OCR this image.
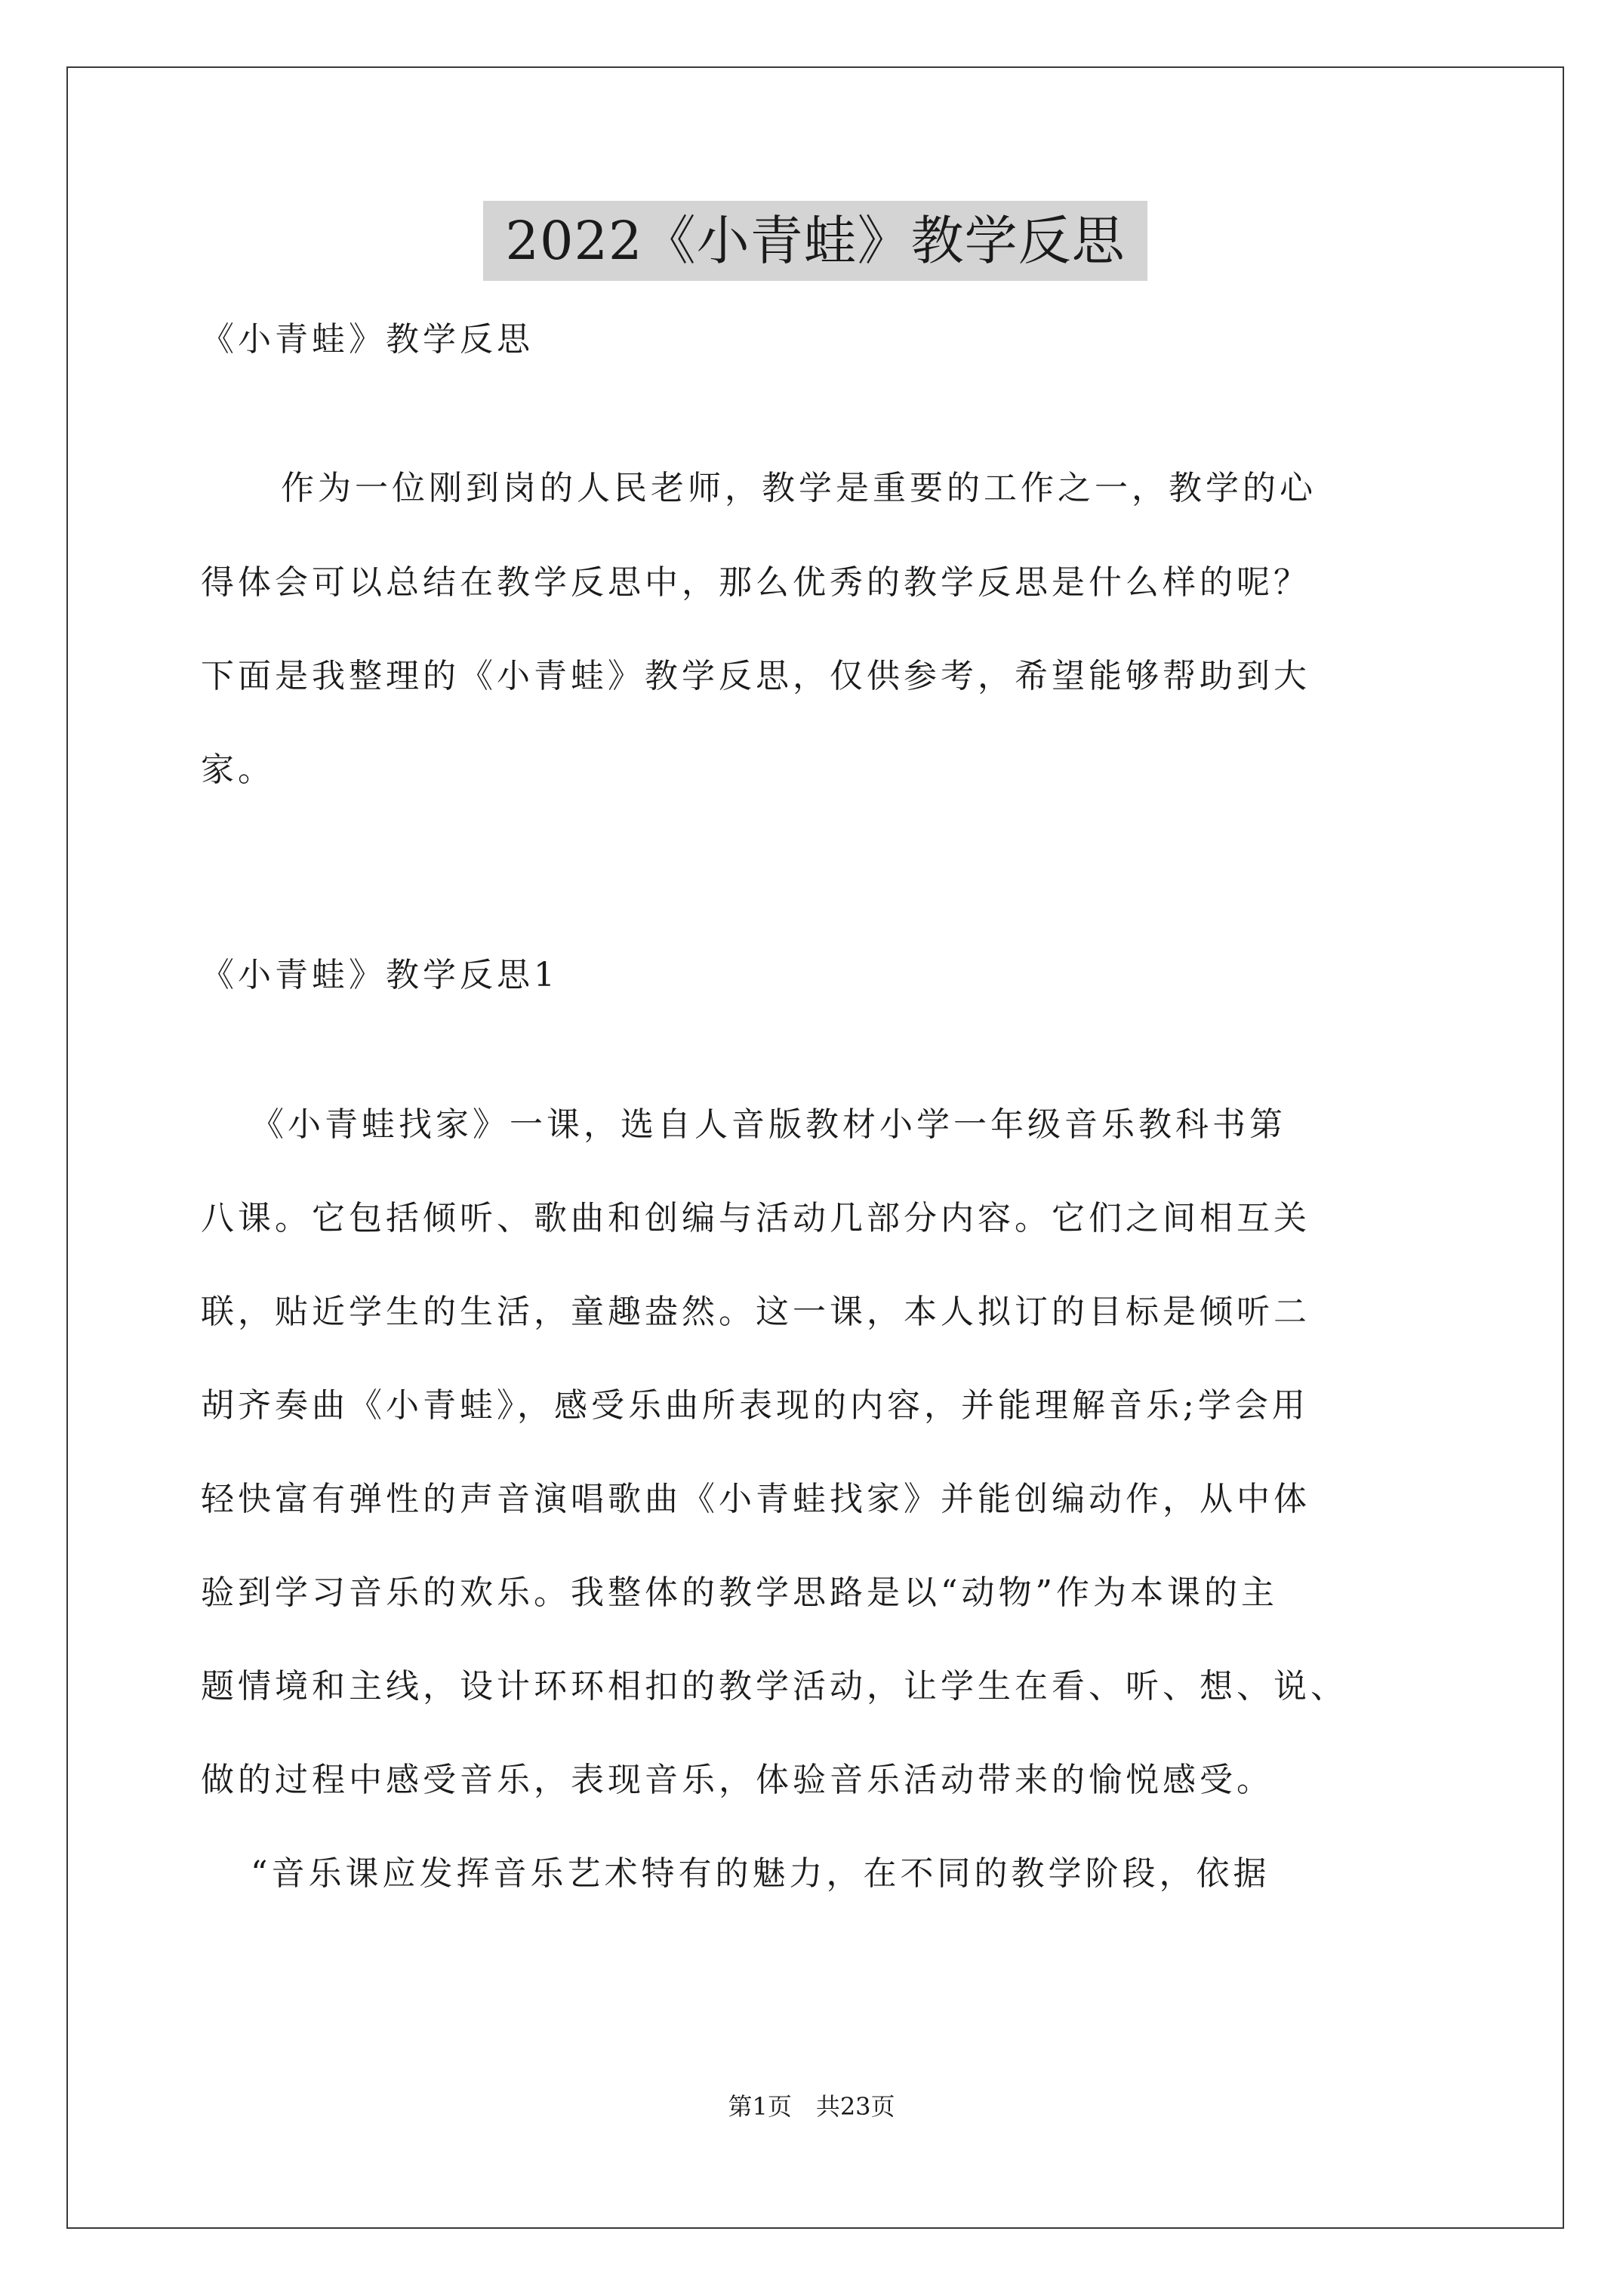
2022《小青蛙》教学反思
《小青蛙》教学反思
作为一位刚到岗的人民老师，教学是重要的工作之一，教学的心
得体会可以总结在教学反思中，那么优秀的教学反思是什么样的呢？
下面是我整理的《小青蛙》教学反思，仅供参考，希望能够帮助到大
家。
《小青蛙》教学反思1
《小青蛙找家》一课，选自人音版教材小学一年级音乐教科书第
八课。它包括倾听、歌曲和创编与活动几部分内容。它们之间相互关
联，贴近学生的生活，童趣盎然。这一课，本人拟订的目标是倾听二
胡齐奏曲《小青蛙》，感受乐曲所表现的内容，并能理解音乐;学会用
轻快富有弹性的声音演唱歌曲《小青蛙找家》并能创编动作，从中体
验到学习音乐的欢乐。我整体的教学思路是以“动物”作为本课的主
题情境和主线，设计环环相扣的教学活动，让学生在看、听、想、说、
做的过程中感受音乐，表现音乐，体验音乐活动带来的愉悦感受。
“音乐课应发挥音乐艺术特有的魅力，在不同的教学阶段，依据
第1页　共23页
